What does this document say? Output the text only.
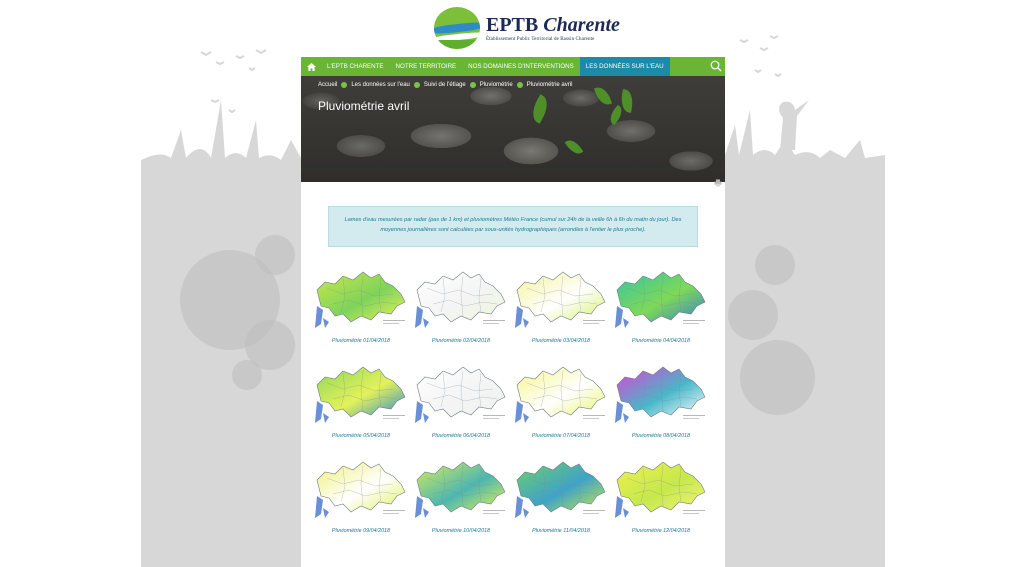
EPTB Charente
Établissement Public Territorial de Bassin Charente
L'EPTB CHARENTE	NOTRE TERRITOIRE	NOS DOMAINES D'INTERVENTIONS	LES DONNÉES SUR L'EAU
Accueil Les données sur l'eau Suivi de l'étiage Pluviométrie Pluviométrie avril
Pluviométrie avril
Lames d'eau mesurées par radar (pas de 1 km) et pluviomètres Météo France (cumul sur 24h de la veille 6h à 6h du matin du jour). Des moyennes journalières sont calculées par sous-unités hydrographiques (arrondies à l'entier le plus proche).
Pluviométrie 01/04/2018	Pluviométrie 02/04/2018	Pluviométrie 03/04/2018	Pluviométrie 04/04/2018
Pluviométrie 05/04/2018	Pluviométrie 06/04/2018	Pluviométrie 07/04/2018	Pluviométrie 08/04/2018
Pluviométrie 09/04/2018	Pluviométrie 10/04/2018	Pluviométrie 11/04/2018	Pluviométrie 12/04/2018
